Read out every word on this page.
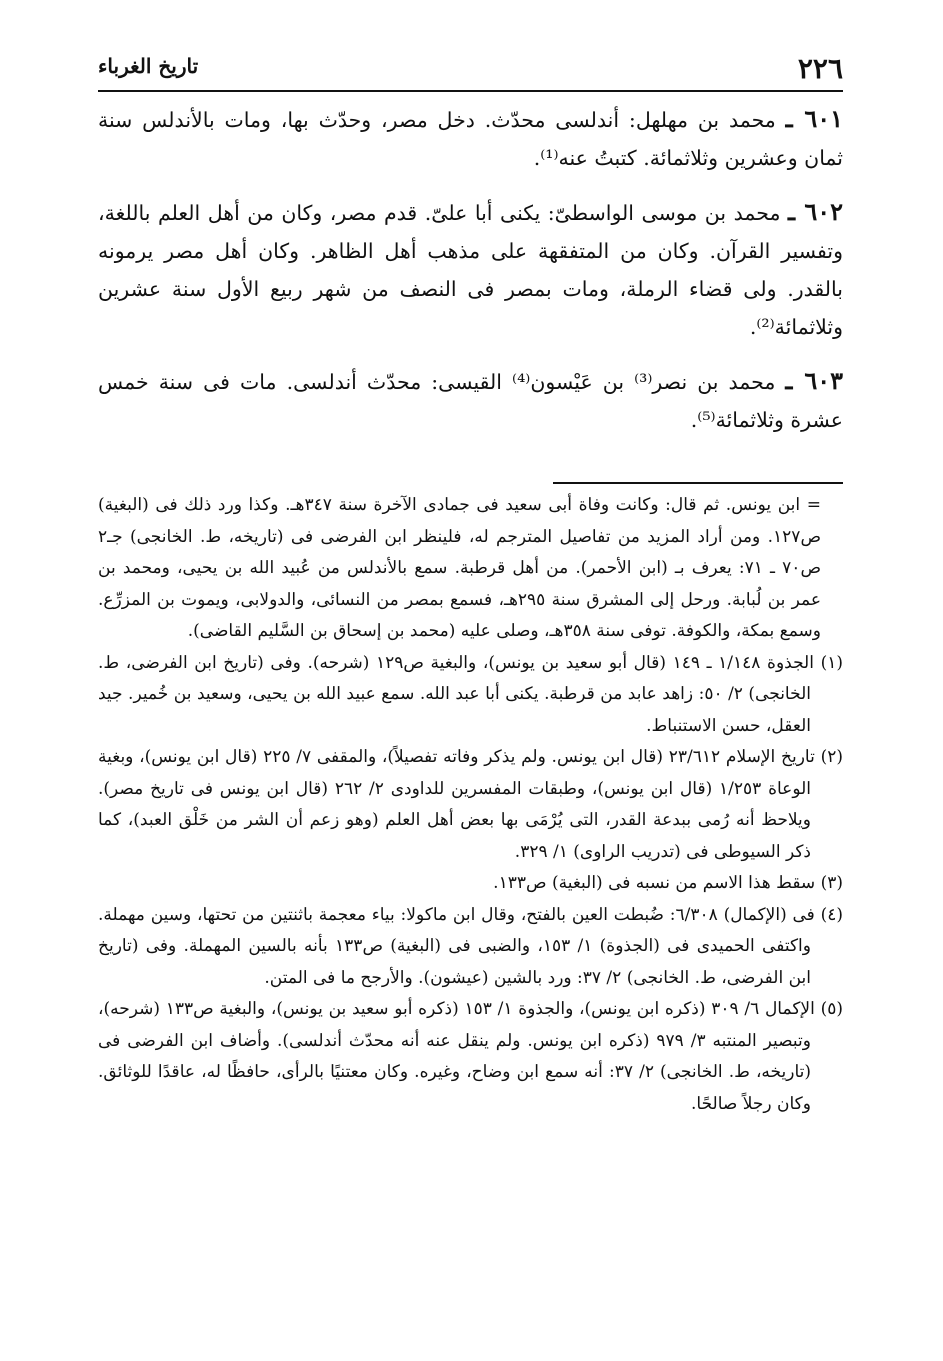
٢٢٦
تاريخ الغرباء

٦٠١ ـ محمد بن مهلهل: أندلسى محدّث. دخل مصر، وحدّث بها، ومات بالأندلس سنة ثمان وعشرين وثلاثمائة. كتبتُ عنه⁽¹⁾.

٦٠٢ ـ محمد بن موسى الواسطىّ: يكنى أبا علىّ. قدم مصر، وكان من أهل العلم باللغة، وتفسير القرآن. وكان من المتفقهة على مذهب أهل الظاهر. وكان أهل مصر يرمونه بالقدر. ولى قضاء الرملة، ومات بمصر فى النصف من شهر ربيع الأول سنة عشرين وثلاثمائة⁽²⁾.

٦٠٣ ـ محمد بن نصر⁽³⁾ بن عَيْسون⁽⁴⁾ القيسى: محدّث أندلسى. مات فى سنة خمس عشرة وثلاثمائة⁽⁵⁾.

= ابن يونس. ثم قال: وكانت وفاة أبى سعيد فى جمادى الآخرة سنة ٣٤٧هـ. وكذا ورد ذلك فى (البغية) ص١٢٧. ومن أراد المزيد من تفاصيل المترجم له، فلينظر ابن الفرضى فى (تاريخه، ط. الخانجى) جـ٢ ص٧٠ ـ ٧١: يعرف بـ (ابن الأحمر). من أهل قرطبة. سمع بالأندلس من عُبيد الله بن يحيى، ومحمد بن عمر بن لُبابة. ورحل إلى المشرق سنة ٢٩٥هـ، فسمع بمصر من النسائى، والدولابى، ويموت بن المزرِّع. وسمع بمكة، والكوفة. توفى سنة ٣٥٨هـ، وصلى عليه (محمد بن إسحاق بن السَّليم القاضى).

(١) الجذوة ١/١٤٨ ـ ١٤٩ (قال أبو سعيد بن يونس)، والبغية ص١٢٩ (شرحه). وفى (تاريخ ابن الفرضى، ط. الخانجى) ٢/ ٥٠: زاهد عابد من قرطبة. يكنى أبا عبد الله. سمع عبيد الله بن يحيى، وسعيد بن خُمير. جيد العقل، حسن الاستنباط.

(٢) تاريخ الإسلام ٢٣/٦١٢ (قال ابن يونس. ولم يذكر وفاته تفصيلاً)، والمقفى ٧/ ٢٢٥ (قال ابن يونس)، وبغية الوعاة ١/٢٥٣ (قال ابن يونس)، وطبقات المفسرين للداودى ٢/ ٢٦٢ (قال ابن يونس فى تاريخ مصر). ويلاحظ أنه رُمى ببدعة القدر، التى يُرْمَى بها بعض أهل العلم (وهو زعم أن الشر من خَلْق العبد)، كما ذكر السيوطى فى (تدريب الراوى) ١/ ٣٢٩.

(٣) سقط هذا الاسم من نسبه فى (البغية) ص١٣٣.

(٤) فى (الإكمال) ٦/٣٠٨: ضُبطت العين بالفتح، وقال ابن ماكولا: بياء معجمة باثنتين من تحتها، وسين مهملة. واكتفى الحميدى فى (الجذوة) ١/ ١٥٣، والضبى فى (البغية) ص١٣٣ بأنه بالسين المهملة. وفى (تاريخ ابن الفرضى، ط. الخانجى) ٢/ ٣٧: ورد بالشين (عيشون). والأرجح ما فى المتن.

(٥) الإكمال ٦/ ٣٠٩ (ذكره ابن يونس)، والجذوة ١/ ١٥٣ (ذكره أبو سعيد بن يونس)، والبغية ص١٣٣ (شرحه)، وتبصير المنتبه ٣/ ٩٧٩ (ذكره ابن يونس. ولم ينقل عنه أنه محدّث أندلسى). وأضاف ابن الفرضى فى (تاريخه، ط. الخانجى) ٢/ ٣٧: أنه سمع ابن وضاح، وغيره. وكان معتنيًا بالرأى، حافظًا له، عاقدًا للوثائق. وكان رجلاً صالحًا.
